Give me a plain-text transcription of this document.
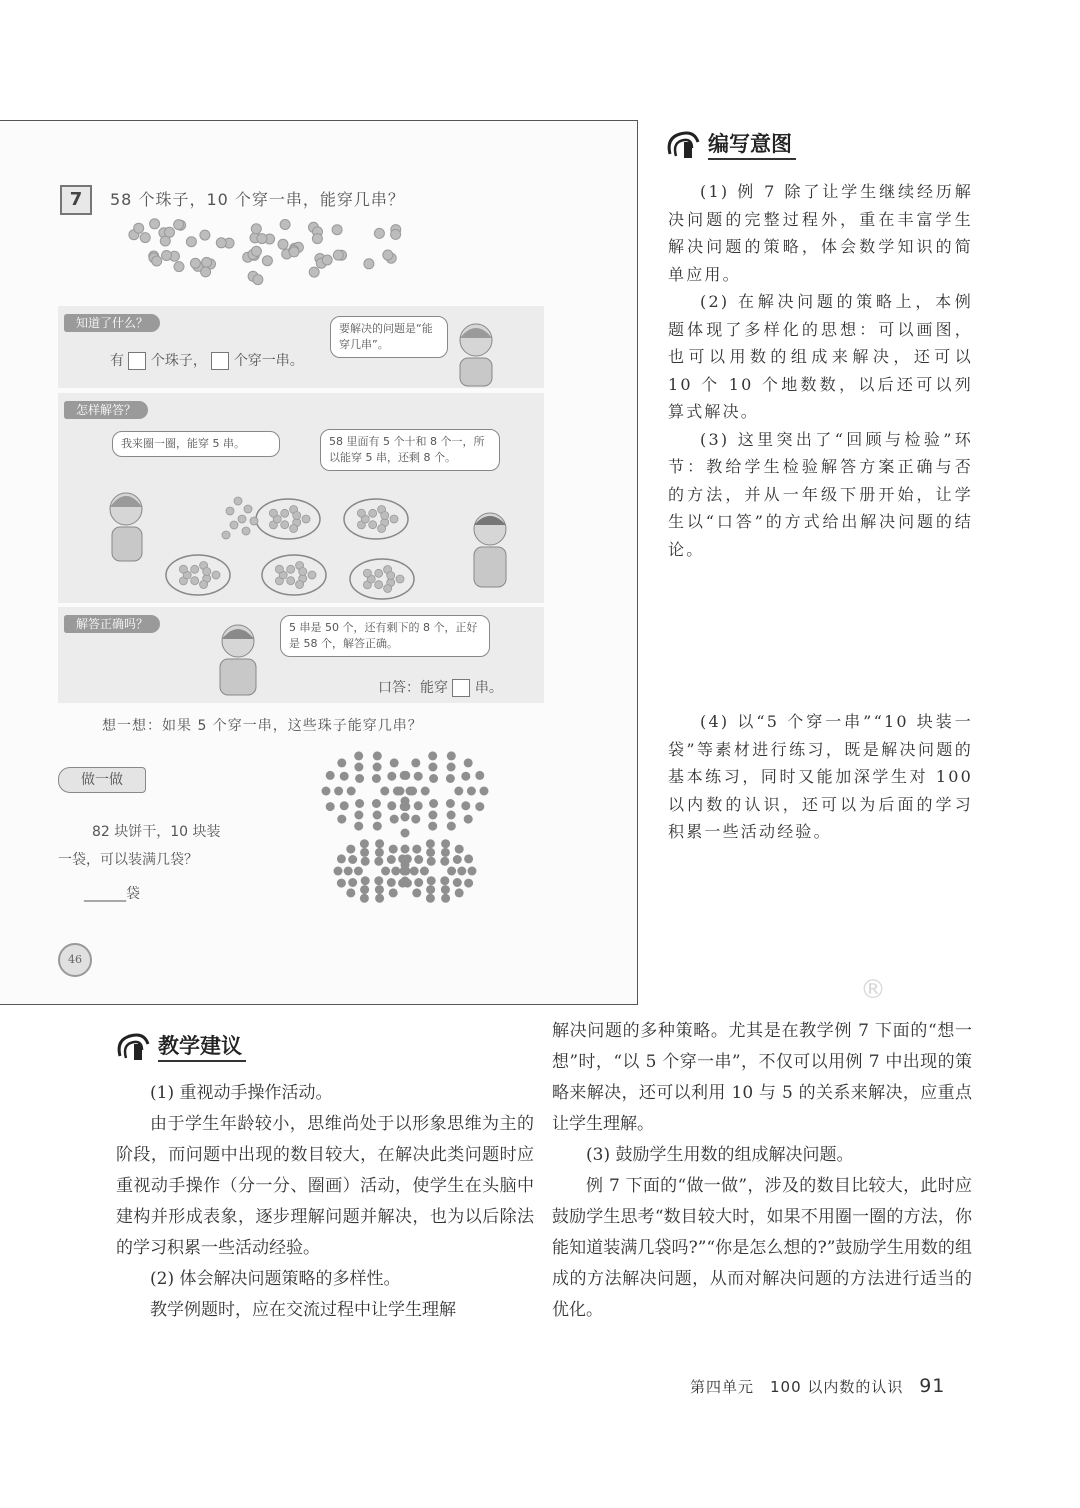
7	58 个珠子，10 个穿一串，能穿几串？
知道了什么？
有 个珠子， 个穿一串。
要解决的问题是“能穿几串”。
怎样解答？
我来圈一圈，能穿 5 串。	58 里面有 5 个十和 8 个一，所以能穿 5 串，还剩 8 个。
解答正确吗？	5 串是 50 个，还有剩下的 8 个，正好是 58 个，解答正确。
口答：能穿 串。
想一想：如果 5 个穿一串，这些珠子能穿几串？
做一做
82 块饼干，10 块装
一袋，可以装满几袋？
______袋
46
编写意图

(1) 例 7 除了让学生继续经历解决问题的完整过程外，重在丰富学生解决问题的策略，体会数学知识的简单应用。

(2) 在解决问题的策略上，本例题体现了多样化的思想：可以画图，也可以用数的组成来解决，还可以 10 个 10 个地数数，以后还可以列算式解决。

(3) 这里突出了“回顾与检验”环节：教给学生检验解答方案正确与否的方法，并从一年级下册开始，让学生以“口答”的方式给出解决问题的结论。

(4) 以“5 个穿一串”“10 块装一袋”等素材进行练习，既是解决问题的基本练习，同时又能加深学生对 100 以内数的认识，还可以为后面的学习积累一些活动经验。
教学建议

(1) 重视动手操作活动。

由于学生年龄较小，思维尚处于以形象思维为主的阶段，而问题中出现的数目较大，在解决此类问题时应重视动手操作（分一分、圈画）活动，使学生在头脑中建构并形成表象，逐步理解问题并解决，也为以后除法的学习积累一些活动经验。

(2) 体会解决问题策略的多样性。

教学例题时，应在交流过程中让学生理解

解决问题的多种策略。尤其是在教学例 7 下面的“想一想”时，“以 5 个穿一串”，不仅可以用例 7 中出现的策略来解决，还可以利用 10 与 5 的关系来解决，应重点让学生理解。

(3) 鼓励学生用数的组成解决问题。

例 7 下面的“做一做”，涉及的数目比较大，此时应鼓励学生思考“数目较大时，如果不用圈一圈的方法，你能知道装满几袋吗?”“你是怎么想的?”鼓励学生用数的组成的方法解决问题，从而对解决问题的方法进行适当的优化。

®
第四单元　100 以内数的认识 91
